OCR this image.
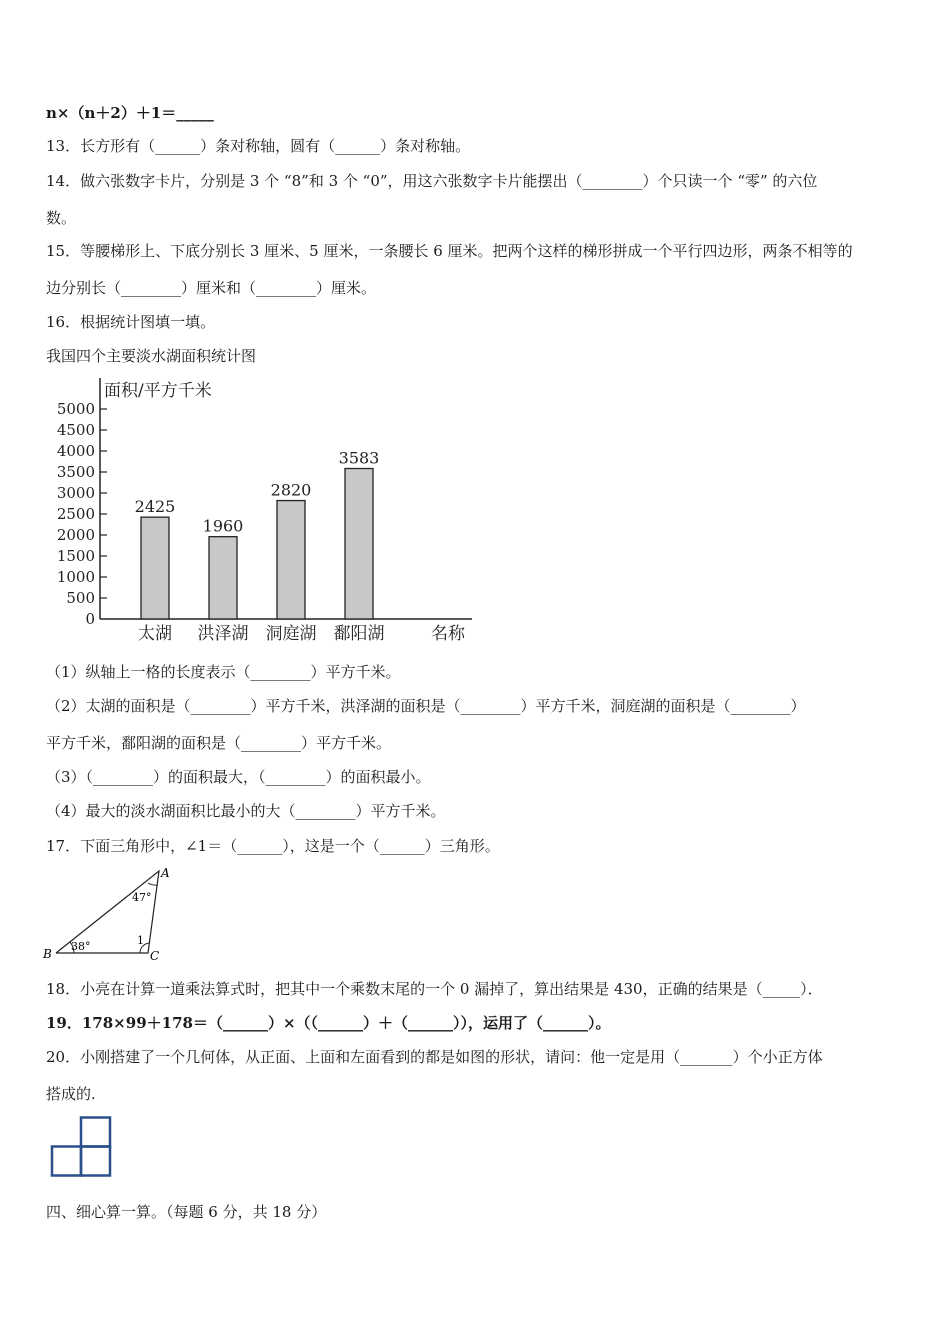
n×（n＋2）＋1＝_____
13．长方形有（______）条对称轴，圆有（______）条对称轴。
14．做六张数字卡片，分别是 3 个 “8”和 3 个 “0”，用这六张数字卡片能摆出（________）个只读一个 “零” 的六位
数。
15．等腰梯形上、下底分别长 3 厘米、5 厘米，一条腰长 6 厘米。把两个这样的梯形拼成一个平行四边形，两条不相等的
边分别长（________）厘米和（________）厘米。
16．根据统计图填一填。
我国四个主要淡水湖面积统计图
面积/平方千米
0
500
1000
1500
2000
2500
3000
3500
4000
4500
5000
2425
太湖
1960
洪泽湖
2820
洞庭湖
3583
鄱阳湖	名称
（1）纵轴上一格的长度表示（________）平方千米。
（2）太湖的面积是（________）平方千米，洪泽湖的面积是（________）平方千米，洞庭湖的面积是（________）
平方千米，鄱阳湖的面积是（________）平方千米。
（3）（________）的面积最大，（________）的面积最小。
（4）最大的淡水湖面积比最小的大（________）平方千米。
17．下面三角形中，∠1＝（______），这是一个（______）三角形。
A
B	C
47°
38°	1
18．小亮在计算一道乘法算式时，把其中一个乘数末尾的一个 0 漏掉了，算出结果是 430，正确的结果是（_____）．
19．178×99＋178＝（______）×（（______）＋（______）），运用了（______）。
20．小刚搭建了一个几何体，从正面、上面和左面看到的都是如图的形状，请问：他一定是用（_______）个小正方体
搭成的.
四、细心算一算。（每题 6 分，共 18 分）
